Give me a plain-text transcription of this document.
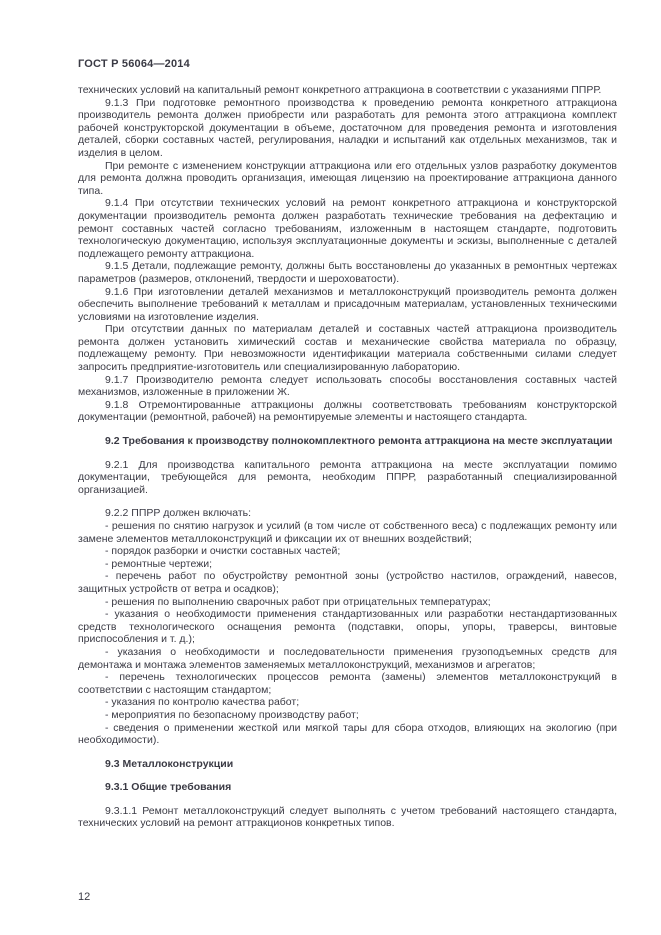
ГОСТ Р 56064—2014

технических условий на капитальный ремонт конкретного аттракциона в соответствии с указаниями ППРР.

9.1.3 При подготовке ремонтного производства к проведению ремонта конкретного аттракциона производитель ремонта должен приобрести или разработать для ремонта этого аттракциона комплект рабочей конструкторской документации в объеме, достаточном для проведения ремонта и изготовления деталей, сборки составных частей, регулирования, наладки и испытаний как отдельных механизмов, так и изделия в целом.

При ремонте с изменением конструкции аттракциона или его отдельных узлов разработку документов для ремонта должна проводить организация, имеющая лицензию на проектирование аттракциона данного типа.

9.1.4 При отсутствии технических условий на ремонт конкретного аттракциона и конструкторской документации производитель ремонта должен разработать технические требования на дефектацию и ремонт составных частей согласно требованиям, изложенным в настоящем стандарте, подготовить технологическую документацию, используя эксплуатационные документы и эскизы, выполненные с деталей подлежащего ремонту аттракциона.

9.1.5 Детали, подлежащие ремонту, должны быть восстановлены до указанных в ремонтных чертежах параметров (размеров, отклонений, твердости и шероховатости).

9.1.6 При изготовлении деталей механизмов и металлоконструкций производитель ремонта должен обеспечить выполнение требований к металлам и присадочным материалам, установленных техническими условиями на изготовление изделия.

При отсутствии данных по материалам деталей и составных частей аттракциона производитель ремонта должен установить химический состав и механические свойства материала по образцу, подлежащему ремонту. При невозможности идентификации материала собственными силами следует запросить предприятие-изготовитель или специализированную лабораторию.

9.1.7 Производителю ремонта следует использовать способы восстановления составных частей механизмов, изложенные в приложении Ж.

9.1.8 Отремонтированные аттракционы должны соответствовать требованиям конструкторской документации (ремонтной, рабочей) на ремонтируемые элементы и настоящего стандарта.

9.2 Требования к производству полнокомплектного ремонта аттракциона на месте эксплуатации

9.2.1 Для производства капитального ремонта аттракциона на месте эксплуатации помимо документации, требующейся для ремонта, необходим ППРР, разработанный специализированной организацией.

9.2.2 ППРР должен включать:

- решения по снятию нагрузок и усилий (в том числе от собственного веса) с подлежащих ремонту или замене элементов металлоконструкций и фиксации их от внешних воздействий;

- порядок разборки и очистки составных частей;

- ремонтные чертежи;

- перечень работ по обустройству ремонтной зоны (устройство настилов, ограждений, навесов, защитных устройств от ветра и осадков);

- решения по выполнению сварочных работ при отрицательных температурах;

- указания о необходимости применения стандартизованных или разработки нестандартизованных средств технологического оснащения ремонта (подставки, опоры, упоры, траверсы, винтовые приспособления и т. д.);

- указания о необходимости и последовательности применения грузоподъемных средств для демонтажа и монтажа элементов заменяемых металлоконструкций, механизмов и агрегатов;

- перечень технологических процессов ремонта (замены) элементов металлоконструкций в соответствии с настоящим стандартом;

- указания по контролю качества работ;

- мероприятия по безопасному производству работ;

- сведения о применении жесткой или мягкой тары для сбора отходов, влияющих на экологию (при необходимости).

9.3 Металлоконструкции

9.3.1 Общие требования

9.3.1.1 Ремонт металлоконструкций следует выполнять с учетом требований настоящего стандарта, технических условий на ремонт аттракционов конкретных типов.

12
